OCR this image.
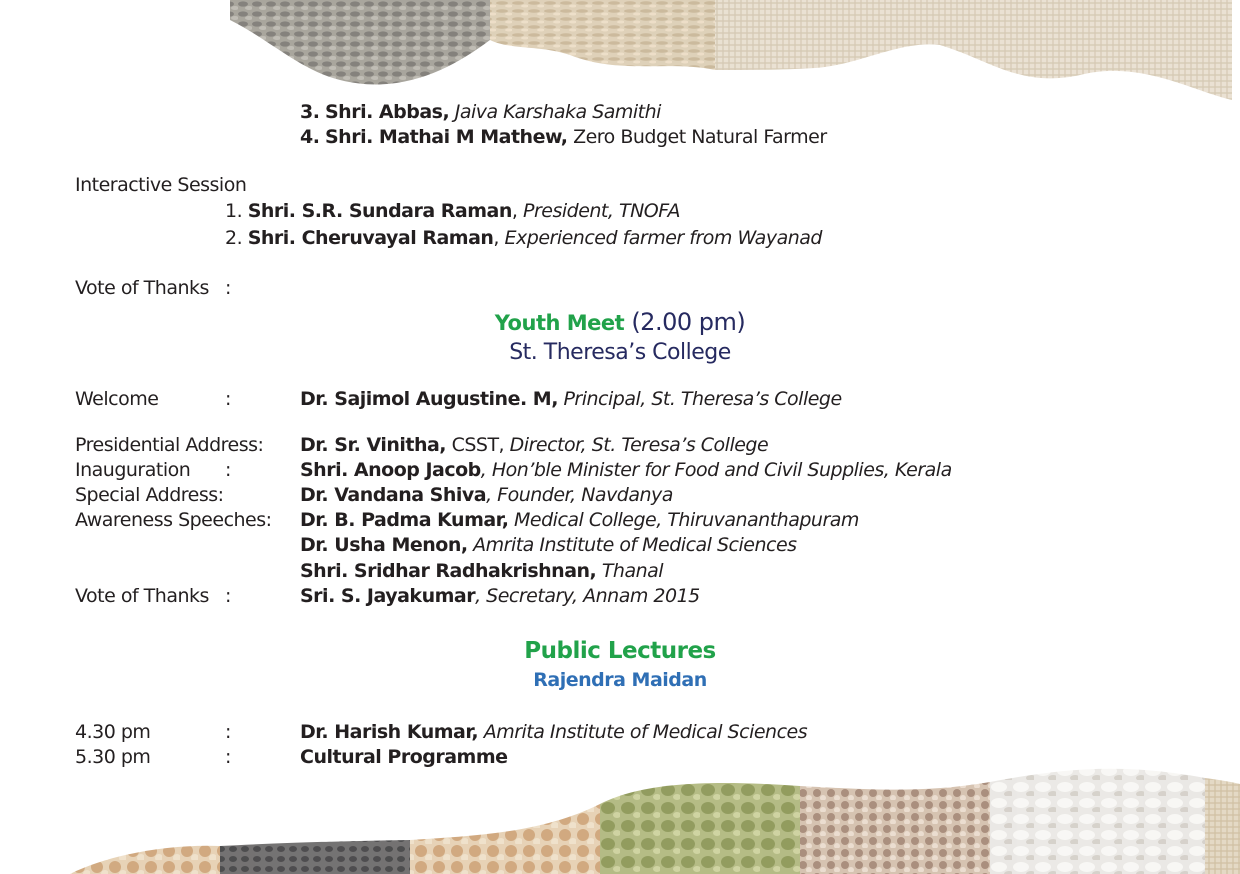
3. Shri. Abbas, Jaiva Karshaka Samithi
4. Shri. Mathai M Mathew, Zero Budget Natural Farmer
Interactive Session
1. Shri. S.R. Sundara Raman, President, TNOFA
2. Shri. Cheruvayal Raman, Experienced farmer from Wayanad
Vote of Thanks :
Youth Meet (2.00 pm)
St. Theresa’s College
Welcome	:	Dr. Sajimol Augustine. M, Principal, St. Theresa’s College
Presidential Address: Dr. Sr. Vinitha, CSST, Director, St. Teresa’s College
Inauguration :	Shri. Anoop Jacob, Hon’ble Minister for Food and Civil Supplies, Kerala
Special Address:	Dr. Vandana Shiva, Founder, Navdanya
Awareness Speeches: Dr. B. Padma Kumar, Medical College, Thiruvananthapuram
Dr. Usha Menon, Amrita Institute of Medical Sciences
Shri. Sridhar Radhakrishnan, Thanal
Vote of Thanks :	Sri. S. Jayakumar, Secretary, Annam 2015
Public Lectures
Rajendra Maidan
4.30 pm	:	Dr. Harish Kumar, Amrita Institute of Medical Sciences
5.30 pm	:	Cultural Programme
